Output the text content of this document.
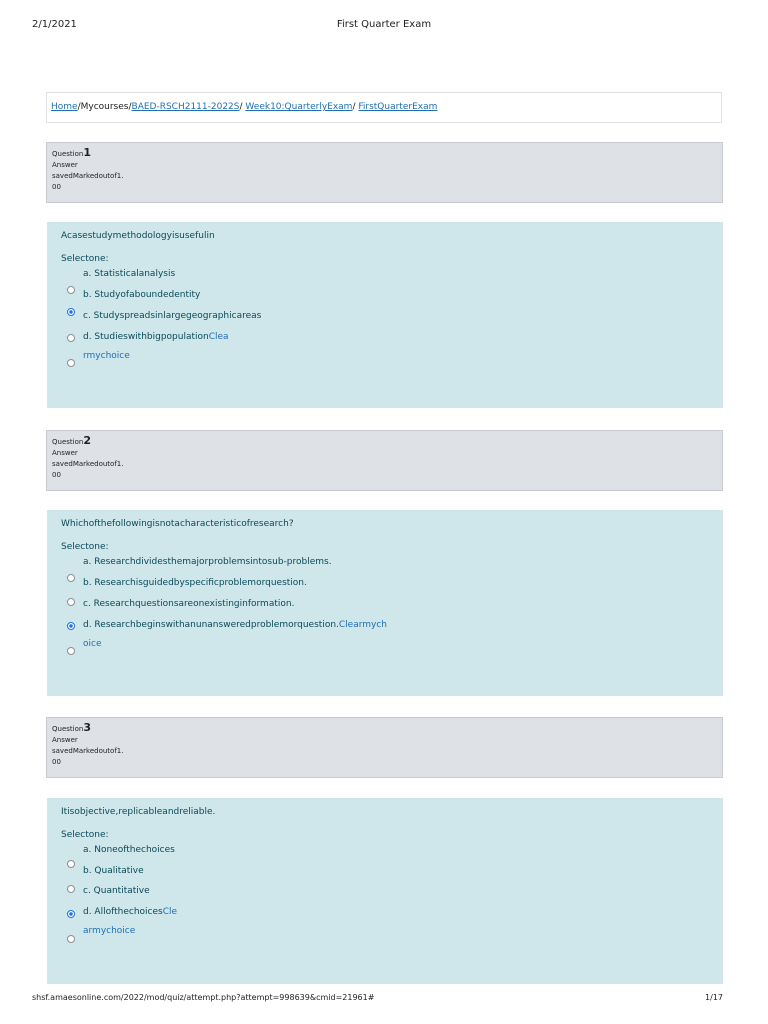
2/1/2021	First Quarter Exam
Home/Mycourses/BAED-RSCH2111-2022S/ Week10:QuarterlyExam/ FirstQuarterExam
Question1
Answer
savedMarkedoutof1.
00
Acasestudymethodologyisusefulin
Selectone:
a. Statisticalanalysis
b. Studyofaboundedentity
c. Studyspreadsinlargegeographicareas
d. StudieswithbigpopulationClea
rmychoice
Question2
Answer
savedMarkedoutof1.
00
Whichofthefollowingisnotacharacteristicofresearch?
Selectone:
a. Researchdividesthemajorproblemsintosub-problems.
b. Researchisguidedbyspecificproblemorquestion.
c. Researchquestionsareonexistinginformation.
d. Researchbeginswithanunansweredproblemorquestion.Clearmych
oice
Question3
Answer
savedMarkedoutof1.
00
Itisobjective,replicableandreliable.
Selectone:
a. Noneofthechoices
b. Qualitative
c. Quantitative
d. AllofthechoicesCle
armychoice
shsf.amaesonline.com/2022/mod/quiz/attempt.php?attempt=998639&cmid=21961#	1/17
